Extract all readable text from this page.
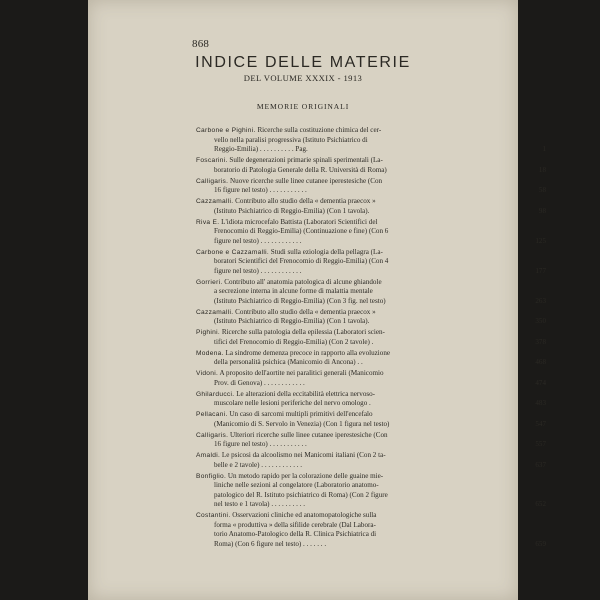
868
INDICE DELLE MATERIE
DEL VOLUME XXXIX - 1913
MEMORIE ORIGINALI
Carbone e Pighini. Ricerche sulla costituzione chimica del cer-
vello nella paralisi progressiva (Istituto Psichiatrico di
Reggio-Emilia) . . . . . . . . . . Pag.	1
Foscarini. Sulle degenerazioni primarie spinali sperimentali (La-
boratorio di Patologia Generale della R. Università di Roma)	18
Calligaris. Nuove ricerche sulle linee cutanee iperestesiche (Con
16 figure nel testo) . . . . . . . . . . .	58
Cazzamalli. Contributo allo studio della « dementia praecox »
(Istituto Psichiatrico di Reggio-Emilia) (Con 1 tavola).	98
Riva E. L'idiota microcefalo Battista (Laboratori Scientifici del
Frenocomio di Reggio-Emilia) (Continuazione e fine) (Con 6
figure nel testo) . . . . . . . . . . . .	125
Carbone e Cazzamalli. Studi sulla eziologia della pellagra (La-
boratori Scientifici del Frenocomio di Reggio-Emilia) (Con 4
figure nel testo) . . . . . . . . . . . .	177
Gorrieri. Contributo all' anatomia patologica di alcune ghiandole
a secrezione interna in alcune forme di malattia mentale
(Istituto Psichiatrico di Reggio-Emilia) (Con 3 fig. nel testo)	263
Cazzamalli. Contributo allo studio della « dementia praecox »
(Istituto Psichiatrico di Reggio-Emilia) (Con 1 tavola).	350
Pighini. Ricerche sulla patologia della epilessia (Laboratori scien-
tifici del Frenocomio di Reggio-Emilia) (Con 2 tavole) .	378
Modena. La sindrome demenza precoce in rapporto alla evoluzione
della personalità psichica (Manicomio di Ancona) . .	468
Vidoni. A proposito dell'aortite nei paralitici generali (Manicomio
Prov. di Genova) . . . . . . . . . . . .	474
Ghilarducci. Le alterazioni della eccitabilità elettrica nervoso-
muscolare nelle lesioni periferiche del nervo omologo .	483
Pellacani. Un caso di sarcomi multipli primitivi dell'encefalo
(Manicomio di S. Servolo in Venezia) (Con 1 figura nel testo)	547
Calligaris. Ulteriori ricerche sulle linee cutanee iperestesiche (Con
16 figure nel testo) . . . . . . . . . . .	557
Amaldi. Le psicosi da alcoolismo nei Manicomi italiani (Con 2 ta-
belle e 2 tavole) . . . . . . . . . . . .	637
Bonfiglio. Un metodo rapido per la colorazione delle guaine mie-
liniche nelle sezioni al congelatore (Laboratorio anatomo-
patologico del R. Istituto psichiatrico di Roma) (Con 2 figure
nel testo e 1 tavola) . . . . . . . . . .	652
Costantini. Osservazioni cliniche ed anatomopatologiche sulla
forma « produttiva » della sifilide cerebrale (Dal Labora-
torio Anatomo-Patologico della R. Clinica Psichiatrica di
Roma) (Con 6 figure nel testo) . . . . . . .	659
